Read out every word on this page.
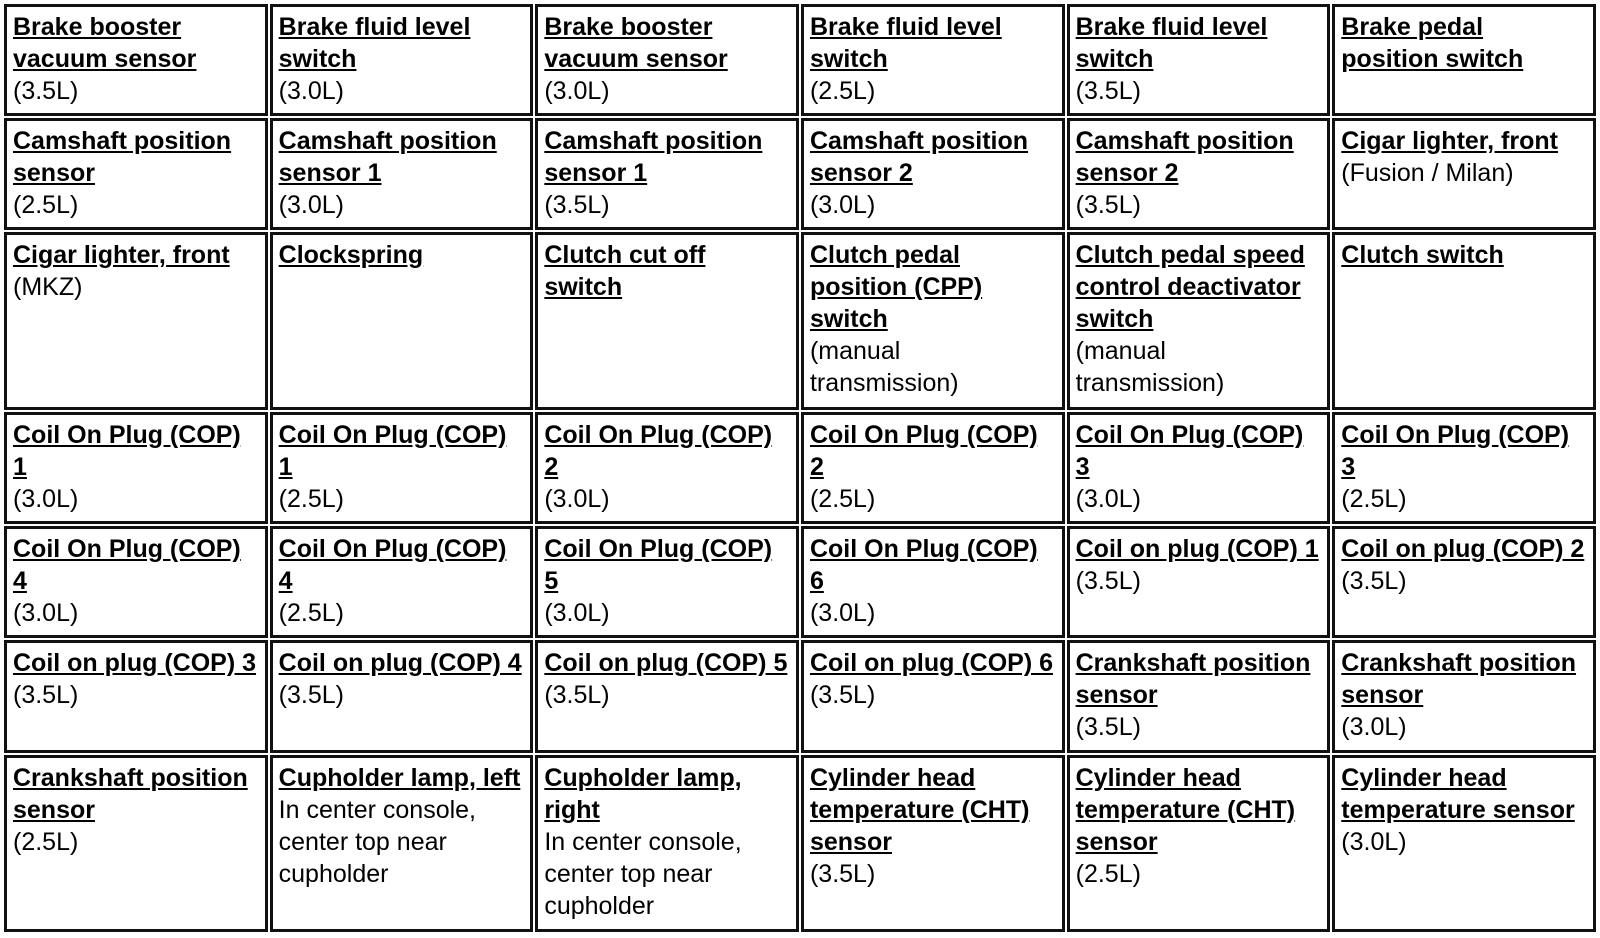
Brake booster vacuum sensor
(3.5L)	Brake fluid level switch
(3.0L)	Brake booster vacuum sensor
(3.0L)	Brake fluid level switch
(2.5L)	Brake fluid level switch
(3.5L)	Brake pedal position switch

Camshaft position sensor
(2.5L)	Camshaft position sensor 1
(3.0L)	Camshaft position sensor 1
(3.5L)	Camshaft position sensor 2
(3.0L)	Camshaft position sensor 2
(3.5L)	Cigar lighter, front
(Fusion / Milan)

Cigar lighter, front
(MKZ)	Clockspring	Clutch cut off switch	Clutch pedal position (CPP) switch
(manual transmission)	Clutch pedal speed control deactivator switch
(manual transmission)	Clutch switch

Coil On Plug (COP) 1
(3.0L)	Coil On Plug (COP) 1
(2.5L)	Coil On Plug (COP) 2
(3.0L)	Coil On Plug (COP) 2
(2.5L)	Coil On Plug (COP) 3
(3.0L)	Coil On Plug (COP) 3
(2.5L)

Coil On Plug (COP) 4
(3.0L)	Coil On Plug (COP) 4
(2.5L)	Coil On Plug (COP) 5
(3.0L)	Coil On Plug (COP) 6
(3.0L)	Coil on plug (COP) 1
(3.5L)	Coil on plug (COP) 2
(3.5L)

Coil on plug (COP) 3
(3.5L)	Coil on plug (COP) 4
(3.5L)	Coil on plug (COP) 5
(3.5L)	Coil on plug (COP) 6
(3.5L)	Crankshaft position sensor
(3.5L)	Crankshaft position sensor
(3.0L)

Crankshaft position sensor
(2.5L)	Cupholder lamp, left
In center console, center top near cupholder	Cupholder lamp, right
In center console, center top near cupholder	Cylinder head temperature (CHT) sensor
(3.5L)	Cylinder head temperature (CHT) sensor
(2.5L)	Cylinder head temperature sensor
(3.0L)
